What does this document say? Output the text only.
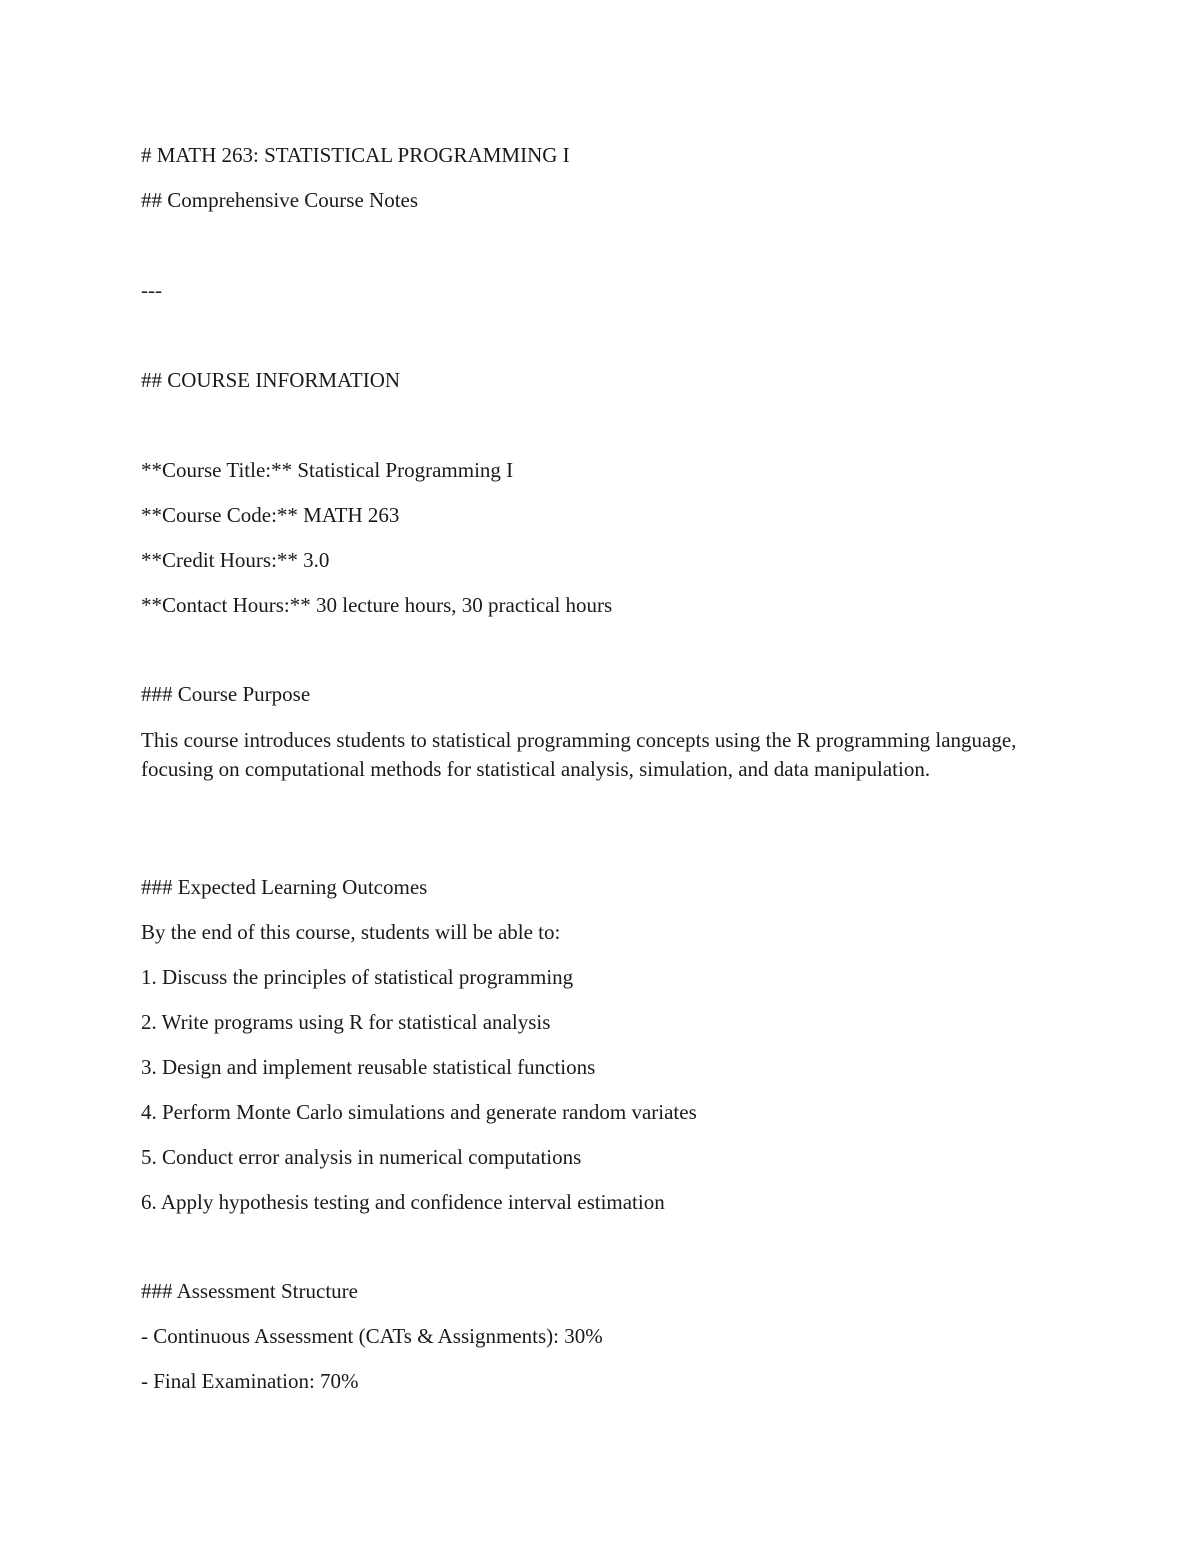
# MATH 263: STATISTICAL PROGRAMMING I

## Comprehensive Course Notes

---

## COURSE INFORMATION

**Course Title:** Statistical Programming I

**Course Code:** MATH 263

**Credit Hours:** 3.0

**Contact Hours:** 30 lecture hours, 30 practical hours

### Course Purpose

This course introduces students to statistical programming concepts using the R programming language, focusing on computational methods for statistical analysis, simulation, and data manipulation.

### Expected Learning Outcomes

By the end of this course, students will be able to:

1. Discuss the principles of statistical programming

2. Write programs using R for statistical analysis

3. Design and implement reusable statistical functions

4. Perform Monte Carlo simulations and generate random variates

5. Conduct error analysis in numerical computations

6. Apply hypothesis testing and confidence interval estimation

### Assessment Structure

- Continuous Assessment (CATs & Assignments): 30%

- Final Examination: 70%
